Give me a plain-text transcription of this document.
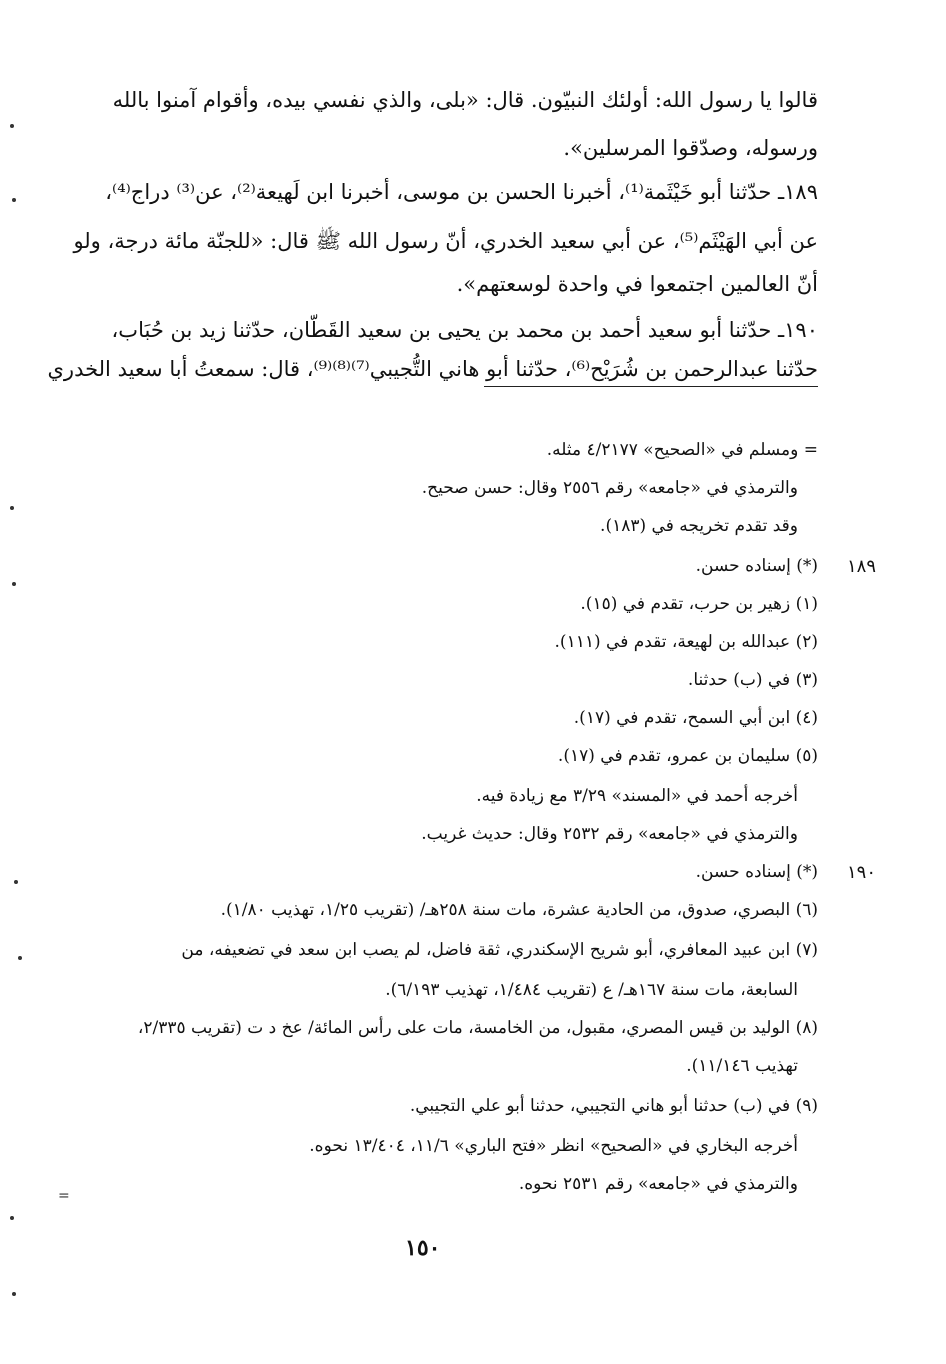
قالوا يا رسول الله: أولئك النبيّون. قال: «بلى، والذي نفسي بيده، وأقوام آمنوا بالله

ورسوله، وصدّقوا المرسلين».

١٨٩ـ حدّثنا أبو خَيْثَمة⁽¹⁾، أخبرنا الحسن بن موسى، أخبرنا ابن لَهيعة⁽²⁾، عن⁽³⁾ دراج⁽⁴⁾،

عن أبي الهَيْثَم⁽⁵⁾، عن أبي سعيد الخدري، أنّ رسول الله ﷺ قال: «للجنّة مائة درجة، ولو

أنّ العالمين اجتمعوا في واحدة لوسعتهم».

١٩٠ـ حدّثنا أبو سعيد أحمد بن محمد بن يحيى بن سعيد القَطّان، حدّثنا زيد بن حُبَاب،

حدّثنا عبدالرحمن بن شُرَيْح⁽⁶⁾، حدّثنا أبو هاني التُّجيبي⁽⁷⁾⁽⁸⁾⁽⁹⁾، قال: سمعتُ أبا سعيد الخدري

= ومسلم في «الصحيح» ٤/٢١٧٧ مثله.

والترمذي في «جامعه» رقم ٢٥٥٦ وقال: حسن صحيح.

وقد تقدم تخريجه في (١٨٣).

١٨٩

(*) إسناده حسن.

(١) زهير بن حرب، تقدم في (١٥).

(٢) عبدالله بن لهيعة، تقدم في (١١١).

(٣) في (ب) حدثنا.

(٤) ابن أبي السمح، تقدم في (١٧).

(٥) سليمان بن عمرو، تقدم في (١٧).

أخرجه أحمد في «المسند» ٣/٢٩ مع زيادة فيه.

والترمذي في «جامعه» رقم ٢٥٣٢ وقال: حديث غريب.

١٩٠

(*) إسناده حسن.

(٦) البصري، صدوق، من الحادية عشرة، مات سنة ٢٥٨هـ/ (تقريب ١/٢٥، تهذيب ١/٨٠).

(٧) ابن عبيد المعافري، أبو شريح الإسكندري، ثقة فاضل، لم يصب ابن سعد في تضعيفه، من

السابعة، مات سنة ١٦٧هـ/ ع (تقريب ١/٤٨٤، تهذيب ٦/١٩٣).

(٨) الوليد بن قيس المصري، مقبول، من الخامسة، مات على رأس المائة/ عخ د ت (تقريب ٢/٣٣٥،

تهذيب ١١/١٤٦).

(٩) في (ب) حدثنا أبو هاني التجيبي، حدثنا أبو علي التجيبي.

أخرجه البخاري في «الصحيح» انظر «فتح الباري» ١١/٦، ١٣/٤٠٤ نحوه.

والترمذي في «جامعه» رقم ٢٥٣١ نحوه.

=
١٥٠
